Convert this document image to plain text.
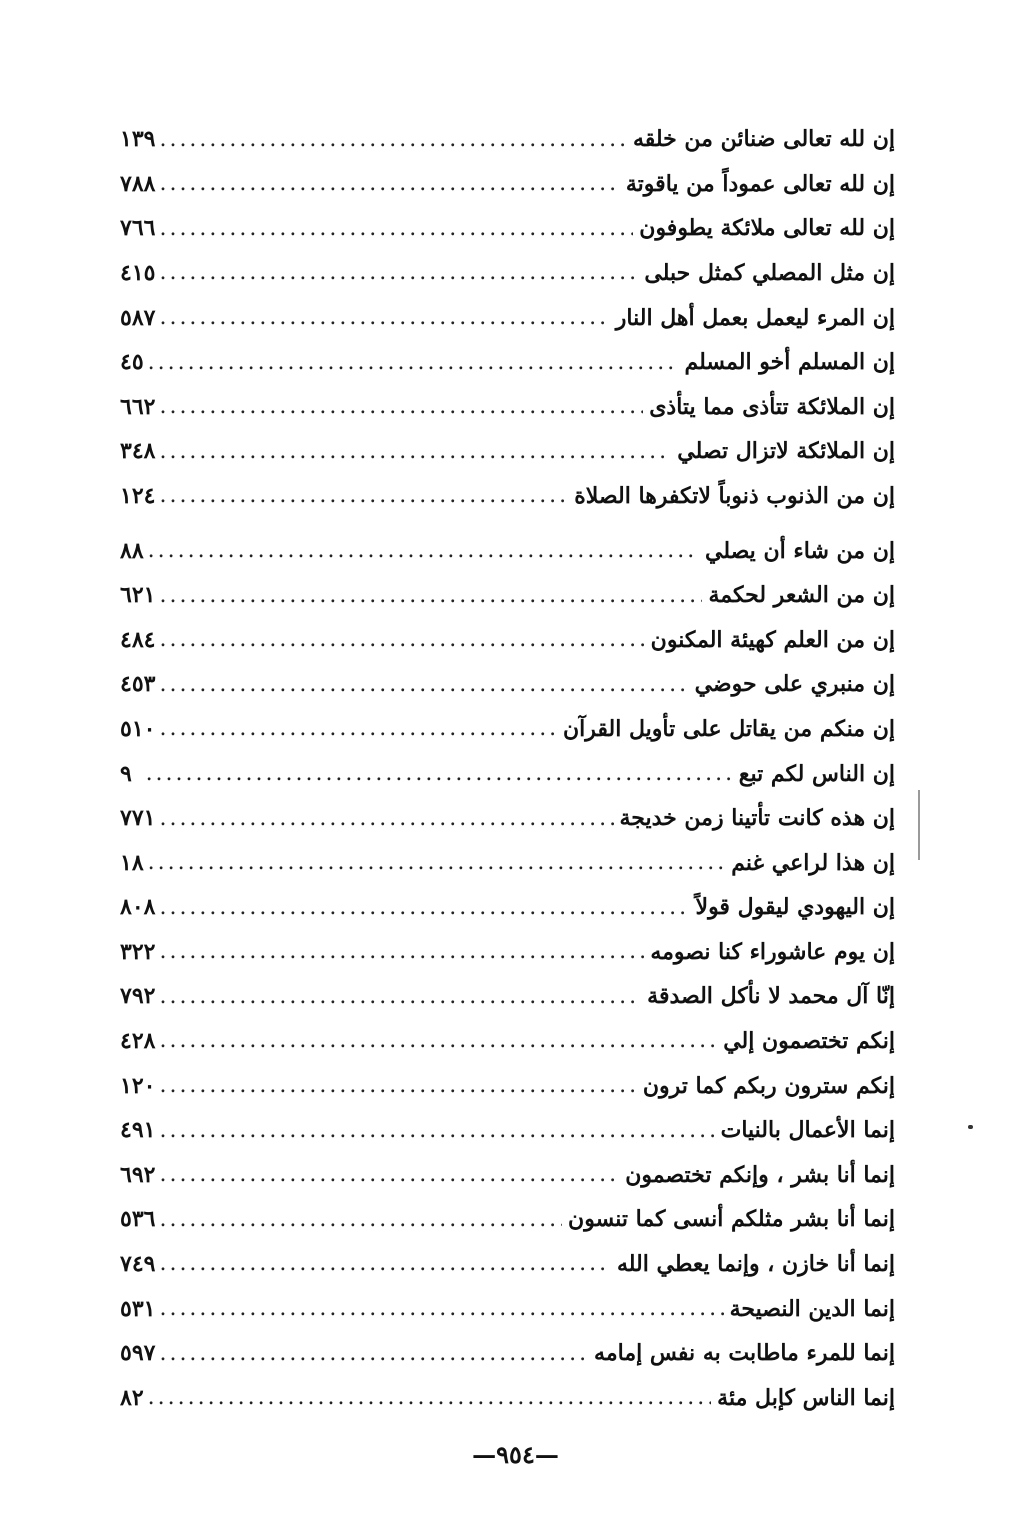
إن لله تعالى ضنائن من خلقه
.....
١٣٩
إن لله تعالى عموداً من ياقوتة
.....
٧٨٨
إن لله تعالى ملائكة يطوفون
.....
٧٦٦
إن مثل المصلي كمثل حبلى
.....
٤١٥
إن المرء ليعمل بعمل أهل النار
.....
٥٨٧
إن المسلم أخو المسلم
.....
٤٥
إن الملائكة تتأذى مما يتأذى
.....
٦٦٢
إن الملائكة لاتزال تصلي
.....
٣٤٨
إن من الذنوب ذنوباً لاتكفرها الصلاة
.....
١٢٤
إن من شاء أن يصلي
.....
٨٨
إن من الشعر لحكمة
.....
٦٢١
إن من العلم كهيئة المكنون
.....
٤٨٤
إن منبري على حوضي
.....
٤٥٣
إن منكم من يقاتل على تأويل القرآن
.....
٥١٠
إن الناس لكم تبع
.....
٩
إن هذه كانت تأتينا زمن خديجة
.....
٧٧١
إن هذا لراعي غنم
.....
١٨
إن اليهودي ليقول قولاً
.....
٨٠٨
إن يوم عاشوراء كنا نصومه
.....
٣٢٢
إنّا آل محمد لا نأكل الصدقة
.....
٧٩٢
إنكم تختصمون إلي
.....
٤٢٨
إنكم سترون ربكم كما ترون
.....
١٢٠
إنما الأعمال بالنيات
.....
٤٩١
إنما أنا بشر ، وإنكم تختصمون
.....
٦٩٢
إنما أنا بشر مثلكم أنسى كما تنسون
.....
٥٣٦
إنما أنا خازن ، وإنما يعطي الله
.....
٧٤٩
إنما الدين النصيحة
.....
٥٣١
إنما للمرء ماطابت به نفس إمامه
.....
٥٩٧
إنما الناس كإبل مئة
.....
٨٢
—٩٥٤—
